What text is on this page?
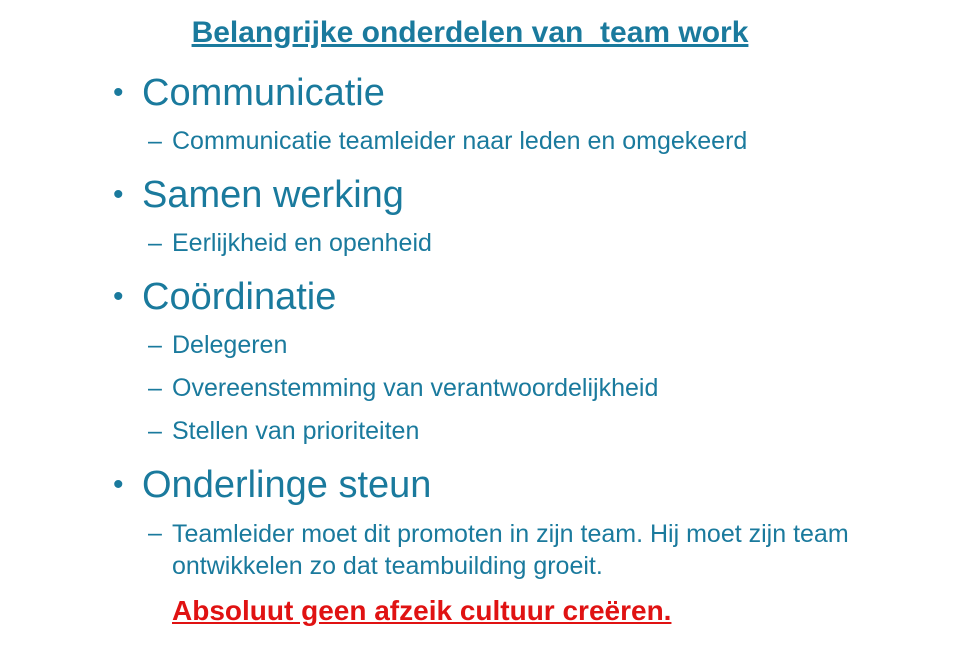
Belangrijke onderdelen van  team work
• Communicatie
– Communicatie teamleider naar leden en omgekeerd
• Samen werking
– Eerlijkheid en openheid
• Coördinatie
– Delegeren
– Overeenstemming van verantwoordelijkheid
– Stellen van prioriteiten
• Onderlinge steun
– Teamleider moet dit promoten in zijn team. Hij moet zijn team ontwikkelen zo dat teambuilding groeit.
Absoluut geen afzeik cultuur creëren.
